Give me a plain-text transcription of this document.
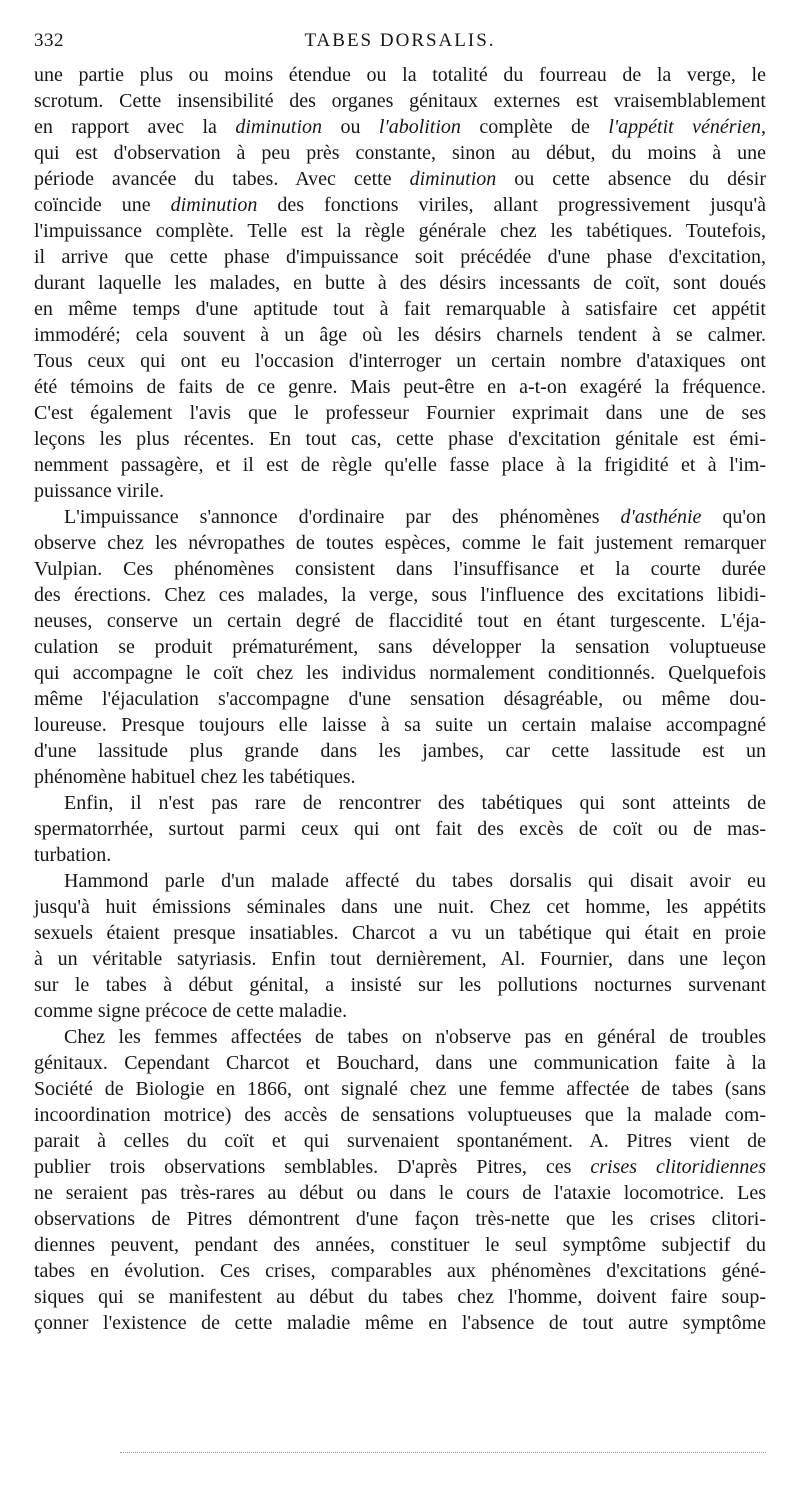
332	TABES DORSALIS.
une partie plus ou moins étendue ou la totalité du fourreau de la verge, le
scrotum. Cette insensibilité des organes génitaux externes est vraisemblablement
en rapport avec la diminution ou l'abolition complète de l'appétit vénérien,
qui est d'observation à peu près constante, sinon au début, du moins à une
période avancée du tabes. Avec cette diminution ou cette absence du désir
coïncide une diminution des fonctions viriles, allant progressivement jusqu'à
l'impuissance complète. Telle est la règle générale chez les tabétiques. Toutefois,
il arrive que cette phase d'impuissance soit précédée d'une phase d'excitation,
durant laquelle les malades, en butte à des désirs incessants de coït, sont doués
en même temps d'une aptitude tout à fait remarquable à satisfaire cet appétit
immodéré; cela souvent à un âge où les désirs charnels tendent à se calmer.
Tous ceux qui ont eu l'occasion d'interroger un certain nombre d'ataxiques ont
été témoins de faits de ce genre. Mais peut-être en a-t-on exagéré la fréquence.
C'est également l'avis que le professeur Fournier exprimait dans une de ses
leçons les plus récentes. En tout cas, cette phase d'excitation génitale est émi-
nemment passagère, et il est de règle qu'elle fasse place à la frigidité et à l'im-
puissance virile.
L'impuissance s'annonce d'ordinaire par des phénomènes d'asthénie qu'on
observe chez les névropathes de toutes espèces, comme le fait justement remarquer
Vulpian. Ces phénomènes consistent dans l'insuffisance et la courte durée
des érections. Chez ces malades, la verge, sous l'influence des excitations libidi-
neuses, conserve un certain degré de flaccidité tout en étant turgescente. L'éja-
culation se produit prématurément, sans développer la sensation voluptueuse
qui accompagne le coït chez les individus normalement conditionnés. Quelquefois
même l'éjaculation s'accompagne d'une sensation désagréable, ou même dou-
loureuse. Presque toujours elle laisse à sa suite un certain malaise accompagné
d'une lassitude plus grande dans les jambes, car cette lassitude est un
phénomène habituel chez les tabétiques.
Enfin, il n'est pas rare de rencontrer des tabétiques qui sont atteints de
spermatorrhée, surtout parmi ceux qui ont fait des excès de coït ou de mas-
turbation.
Hammond parle d'un malade affecté du tabes dorsalis qui disait avoir eu
jusqu'à huit émissions séminales dans une nuit. Chez cet homme, les appétits
sexuels étaient presque insatiables. Charcot a vu un tabétique qui était en proie
à un véritable satyriasis. Enfin tout dernièrement, Al. Fournier, dans une leçon
sur le tabes à début génital, a insisté sur les pollutions nocturnes survenant
comme signe précoce de cette maladie.
Chez les femmes affectées de tabes on n'observe pas en général de troubles
génitaux. Cependant Charcot et Bouchard, dans une communication faite à la
Société de Biologie en 1866, ont signalé chez une femme affectée de tabes (sans
incoordination motrice) des accès de sensations voluptueuses que la malade com-
parait à celles du coït et qui survenaient spontanément. A. Pitres vient de
publier trois observations semblables. D'après Pitres, ces crises clitoridiennes
ne seraient pas très-rares au début ou dans le cours de l'ataxie locomotrice. Les
observations de Pitres démontrent d'une façon très-nette que les crises clitori-
diennes peuvent, pendant des années, constituer le seul symptôme subjectif du
tabes en évolution. Ces crises, comparables aux phénomènes d'excitations géné-
siques qui se manifestent au début du tabes chez l'homme, doivent faire soup-
çonner l'existence de cette maladie même en l'absence de tout autre symptôme
